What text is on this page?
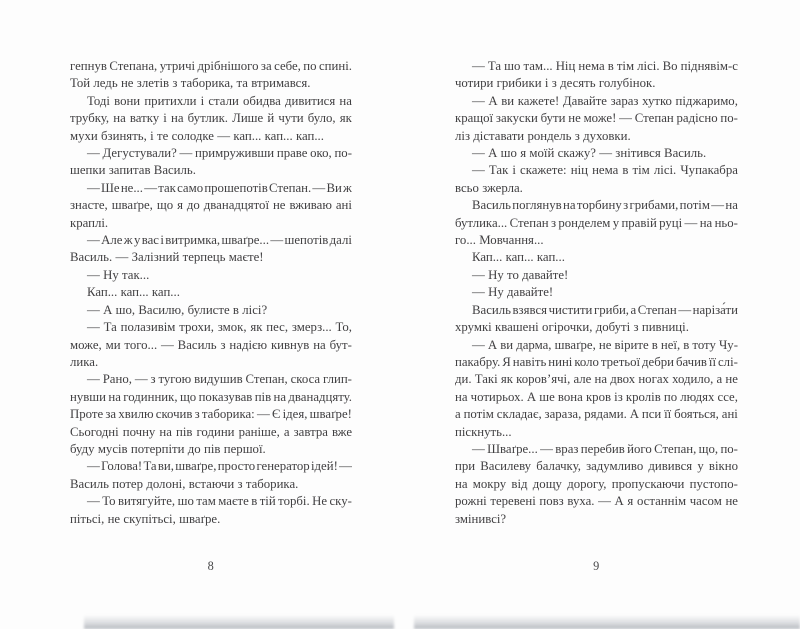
гепнув Степана, утричі дрібнішого за себе, по спині.
Той ледь не злетів з таборика, та втримався.
Тоді вони притихли і стали обидва дивитися на
трубку, на ватку і на бутлик. Лише й чути було, як
мухи бзинять, і те солодке — кап... кап... кап...
— Дегустували? — примруживши праве око, по-
шепки запитав Василь.
— Ше не... — так само прошепотів Степан. — Ви ж
знасте, шваґре, що я до дванадцятої не вживаю ані
краплі.
— Але ж у вас і витримка, шваґре... — шепотів далі
Василь. — Залізний терпець маєте!
— Ну так...
Кап... кап... кап...
— А шо, Василю, булисте в лісі?
— Та полазивім трохи, змок, як пес, змерз... То,
може, ми того... — Василь з надією кивнув на бут-
лика.
— Рано, — з тугою видушив Степан, скоса глип-
нувши на годинник, що показував пів на дванадцяту.
Проте за хвилю скочив з таборика: — Є ідея, шваґре!
Сьогодні почну на пів години раніше, а завтра вже
буду мусів потерпіти до пів першої.
— Голова! Та ви, шваґре, просто генератор ідей! —
Василь потер долоні, встаючи з таборика.
— То витягуйте, шо там маєте в тій торбі. Не ску-
пітьсі, не скупітьсі, шваґре.
8
— Та шо там... Ніц нема в тім лісі. Во піднявім-с
чотири грибики і з десять голубінок.
— А ви кажете! Давайте зараз хутко піджаримо,
кращої закуски бути не може! — Степан радісно по-
ліз діставати рондель з духовки.
— А шо я моїй скажу? — знітився Василь.
— Так і скажете: ніц нема в тім лісі. Чупакабра
всьо зжерла.
Василь поглянув на торбину з грибами, потім — на
бутлика... Степан з ронделем у правій руці — на ньо-
го... Мовчання...
Кап... кап... кап...
— Ну то давайте!
— Ну давайте!
Василь взявся чистити гриби, а Степан — наріза́ти
хрумкі квашені огірочки, добуті з пивниці.
— А ви дарма, шваґре, не вірите в неї, в тоту Чу-
пакабру. Я навіть нині коло третьої дебри бачив її слі-
ди. Такі як коров’ячі, але на двох ногах ходило, а не
на чотирьох. А ше вона кров із кролів по людях ссе,
а потім складає, зараза, рядами. А пси її бояться, ані
піскнуть...
— Шваґре... — враз перебив його Степан, що, по-
при Василеву балачку, задумливо дивився у вікно
на мокру від дощу дорогу, пропускаючи пустопо-
рожні теревені повз вуха. — А я останнім часом не
змінивсі?
9
